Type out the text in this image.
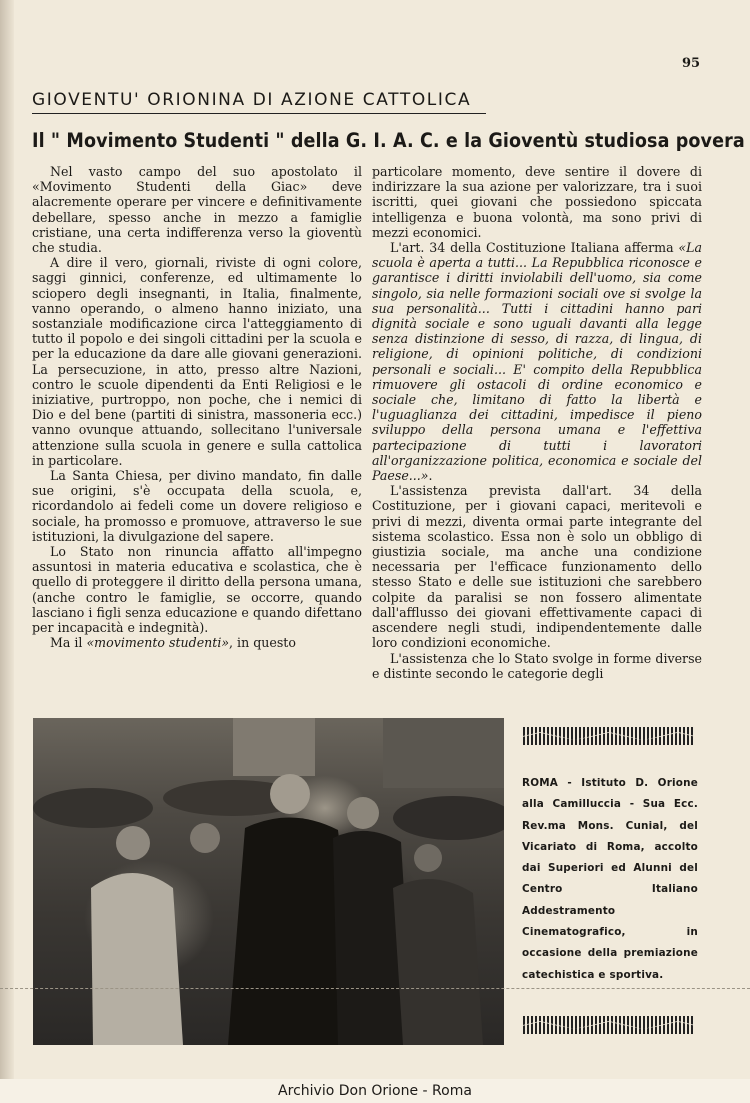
95
GIOVENTU' ORIONINA DI AZIONE CATTOLICA
Il " Movimento Studenti " della G. I. A. C. e la Gioventù studiosa povera

Nel vasto campo del suo apostolato il «Movimento Studenti della Giac» deve alacremente operare per vincere e definitivamente debellare, spesso anche in mezzo a famiglie cristiane, una certa indifferenza verso la gioventù che studia.

A dire il vero, giornali, riviste di ogni colore, saggi ginnici, conferenze, ed ultimamente lo sciopero degli insegnanti, in Italia, finalmente, vanno operando, o almeno hanno iniziato, una sostanziale modificazione circa l'atteggiamento di tutto il popolo e dei singoli cittadini per la scuola e per la educazione da dare alle giovani generazioni. La persecuzione, in atto, presso altre Nazioni, contro le scuole dipendenti da Enti Religiosi e le iniziative, purtroppo, non poche, che i nemici di Dio e del bene (partiti di sinistra, massoneria ecc.) vanno ovunque attuando, sollecitano l'universale attenzione sulla scuola in genere e sulla cattolica in particolare.

La Santa Chiesa, per divino mandato, fin dalle sue origini, s'è occupata della scuola, e, ricordandolo ai fedeli come un dovere religioso e sociale, ha promosso e promuove, attraverso le sue istituzioni, la divulgazione del sapere.

Lo Stato non rinuncia affatto all'impegno assuntosi in materia educativa e scolastica, che è quello di proteggere il diritto della persona umana, (anche contro le famiglie, se occorre, quando lasciano i figli senza educazione e quando difettano per incapacità e indegnità).

Ma il «movimento studenti», in questo

particolare momento, deve sentire il dovere di indirizzare la sua azione per valorizzare, tra i suoi iscritti, quei giovani che possiedono spiccata intelligenza e buona volontà, ma sono privi di mezzi economici.

L'art. 34 della Costituzione Italiana afferma «La scuola è aperta a tutti... La Repubblica riconosce e garantisce i diritti inviolabili dell'uomo, sia come singolo, sia nelle formazioni sociali ove si svolge la sua personalità... Tutti i cittadini hanno pari dignità sociale e sono uguali davanti alla legge senza distinzione di sesso, di razza, di lingua, di religione, di opinioni politiche, di condizioni personali e sociali... E' compito della Repubblica rimuovere gli ostacoli di ordine economico e sociale che, limitano di fatto la libertà e l'uguaglianza dei cittadini, impedisce il pieno sviluppo della persona umana e l'effettiva partecipazione di tutti i lavoratori all'organizzazione politica, economica e sociale del Paese...».

L'assistenza prevista dall'art. 34 della Costituzione, per i giovani capaci, meritevoli e privi di mezzi, diventa ormai parte integrante del sistema scolastico. Essa non è solo un obbligo di giustizia sociale, ma anche una condizione necessaria per l'efficace funzionamento dello stesso Stato e delle sue istituzioni che sarebbero colpite da paralisi se non fossero alimentate dall'afflusso dei giovani effettivamente capaci di ascendere negli studi, indipendentemente dalle loro condizioni economiche.

L'assistenza che lo Stato svolge in forme diverse e distinte secondo le categorie degli

ROMA - Istituto D. Orione alla Camilluccia - Sua Ecc. Rev.ma Mons. Cunial, del Vicariato di Roma, accolto dai Superiori ed Alunni del Centro Italiano Addestramento Cinematografico, in occasione della premiazione catechistica e sportiva.
Archivio Don Orione - Roma
